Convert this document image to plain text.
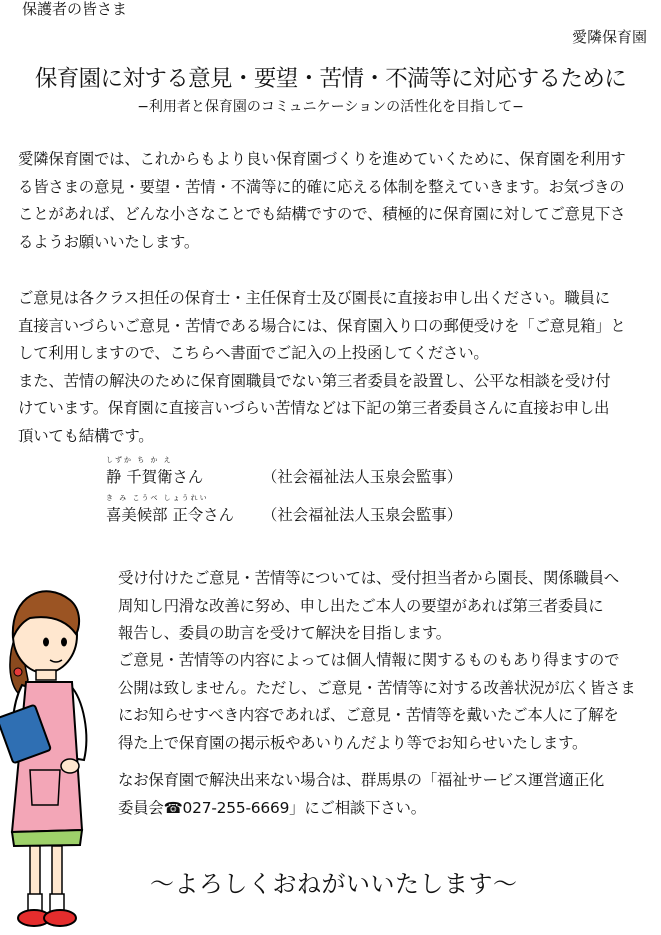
保護者の皆さま
愛隣保育園
保育園に対する意見・要望・苦情・不満等に対応するために
−利用者と保育園のコミュニケーションの活性化を目指して−
愛隣保育園では、これからもより良い保育園づくりを進めていくために、保育園を利用す
る皆さまの意見・要望・苦情・不満等に的確に応える体制を整えていきます。お気づきの
ことがあれば、どんな小さなことでも結構ですので、積極的に保育園に対してご意見下さ
るようお願いいたします。
ご意見は各クラス担任の保育士・主任保育士及び園長に直接お申し出ください。職員に
直接言いづらいご意見・苦情である場合には、保育園入り口の郵便受けを「ご意見箱」と
して利用しますので、こちらへ書面でご記入の上投函してください。
また、苦情の解決のために保育園職員でない第三者委員を設置し、公平な相談を受け付
けています。保育園に直接言いづらい苦情などは下記の第三者委員さんに直接お申し出
頂いても結構です。
しずか ち か え
静 千賀衛さん	（社会福祉法人玉泉会監事）
き み こうべ しょうれい
喜美候部 正令さん （社会福祉法人玉泉会監事）
受け付けたご意見・苦情等については、受付担当者から園長、関係職員へ
周知し円滑な改善に努め、申し出たご本人の要望があれば第三者委員に
報告し、委員の助言を受けて解決を目指します。
ご意見・苦情等の内容によっては個人情報に関するものもあり得ますので
公開は致しません。ただし、ご意見・苦情等に対する改善状況が広く皆さま
にお知らせすべき内容であれば、ご意見・苦情等を戴いたご本人に了解を
得た上で保育園の掲示板やあいりんだより等でお知らせいたします。
なお保育園で解決出来ない場合は、群馬県の「福祉サービス運営適正化
委員会☎027-255-6669」にご相談下さい。
〜よろしくおねがいいたします〜
